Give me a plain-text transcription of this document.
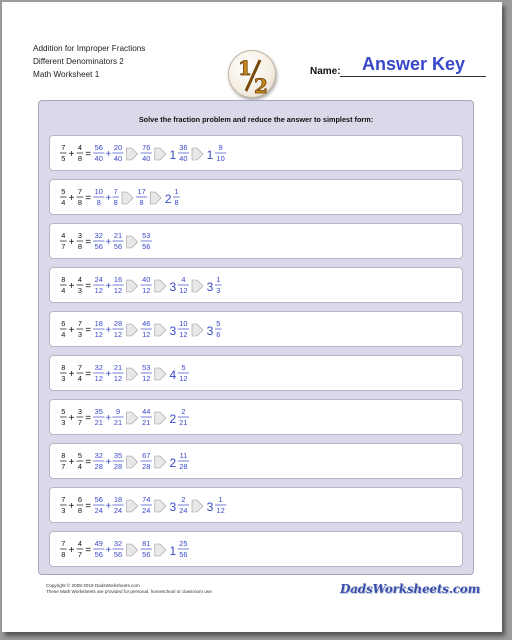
Addition for Improper Fractions
Different Denominators 2
Math Worksheet 1	1
2
Name: Answer Key
Solve the fraction problem and reduce the answer to simplest form:
7
5 +
4
8 =
56
40 +
20
40
76
40 1
36
40 1
9
10
5
4 +
7
8 =
10
8 +
7
8
17
8 2
1
8
4
7 +
3
8 =
32
56 +
21
56
53
56
8
4 +
4
3 =
24
12 +
16
12
40
12 3
4
12 3
1
3
6
4 +
7
3 =
18
12 +
28
12
46
12 3
10
12 3
5
6
8
3 +
7
4 =
32
12 +
21
12
53
12 4
5
12
5
3 +
3
7 =
35
21 +
9
21
44
21 2
2
21
8
7 +
5
4 =
32
28 +
35
28
67
28 2
11
28
7
3 +
6
8 =
56
24 +
18
24
74
24 3
2
24 3
1
12
7
8 +
4
7 =
49
56 +
32
56
81
56 1
25
56
Copyright © 2008-2019 DadsWorksheets.com
These Math Worksheets are provided for personal, homeschool or classroom use.	DadsWorksheets.com
